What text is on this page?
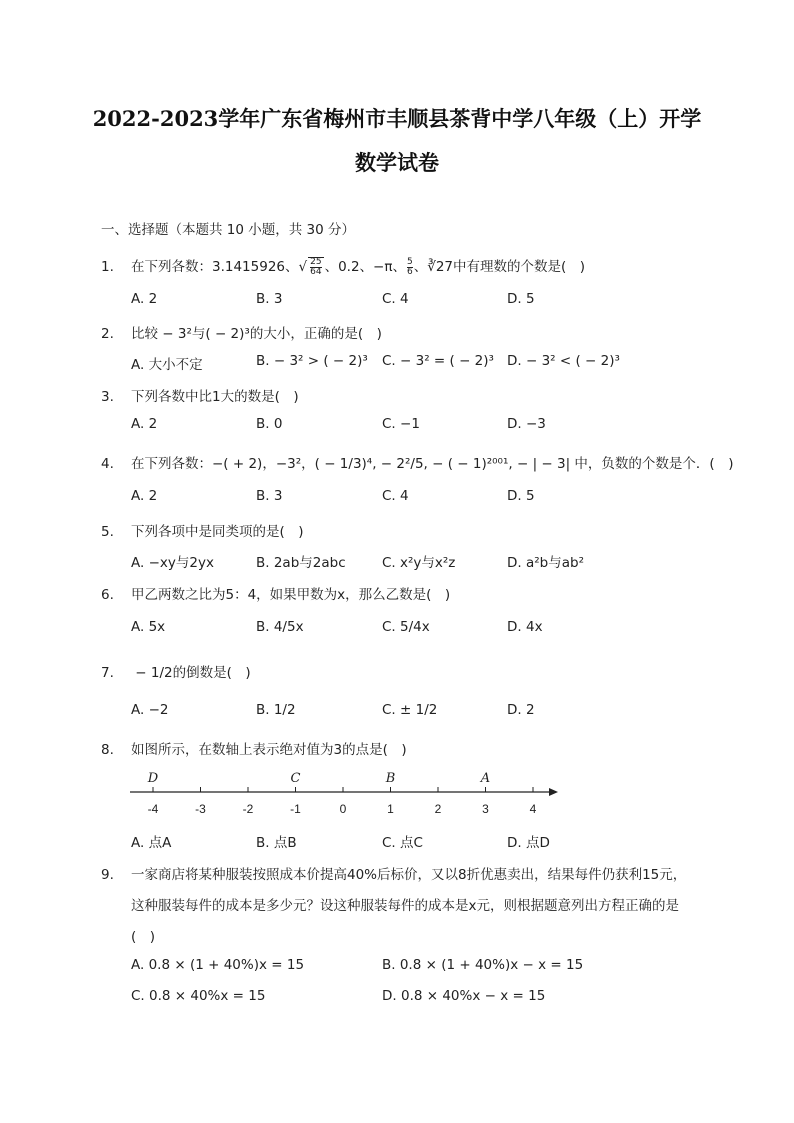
2022-2023学年广东省梅州市丰顺县茶背中学八年级（上）开学
数学试卷
一、选择题（本题共 10 小题，共 30 分）
1. 在下列各数：3.1415926、√ $\frac{25}{64}$ 、0.2、−π、 $\frac{5}{6}$ 、∛27中有理数的个数是(　)
A. 2	B. 3	C. 4	D. 5
2. 比较 − 3²与( − 2)³的大小，正确的是(　)
A. 大小不定	B. − 3² > ( − 2)³ C. − 3² = ( − 2)³ D. − 3² < ( − 2)³
3. 下列各数中比1大的数是(　)
A. 2	B. 0	C. −1	D. −3
4. 在下列各数：−( + 2)，−3²，( − 1/3)⁴, − 2²/5, − ( − 1)²⁰⁰¹, − | − 3| 中，负数的个数是个．(　)
A. 2	B. 3	C. 4	D. 5
5. 下列各项中是同类项的是(　)
A. −xy与2yx	B. 2ab与2abc	C. x²y与x²z	D. a²b与ab²
6. 甲乙两数之比为5：4，如果甲数为x，那么乙数是(　)
A. 5x	B. 4/5x	C. 5/4x	D. 4x
7. − 1/2的倒数是(　)
A. −2	B. 1/2	C. ± 1/2	D. 2
8. 如图所示，在数轴上表示绝对值为3的点是(　)
-4	-3	-2	-1	0	1	2	3	4
D	C	B	A
A. 点A	B. 点B	C. 点C	D. 点D
9. 一家商店将某种服装按照成本价提高40%后标价，又以8折优惠卖出，结果每件仍获利15元，
这种服装每件的成本是多少元？设这种服装每件的成本是x元，则根据题意列出方程正确的是
(　)
A. 0.8 × (1 + 40%)x = 15	B. 0.8 × (1 + 40%)x − x = 15
C. 0.8 × 40%x = 15	D. 0.8 × 40%x − x = 15
